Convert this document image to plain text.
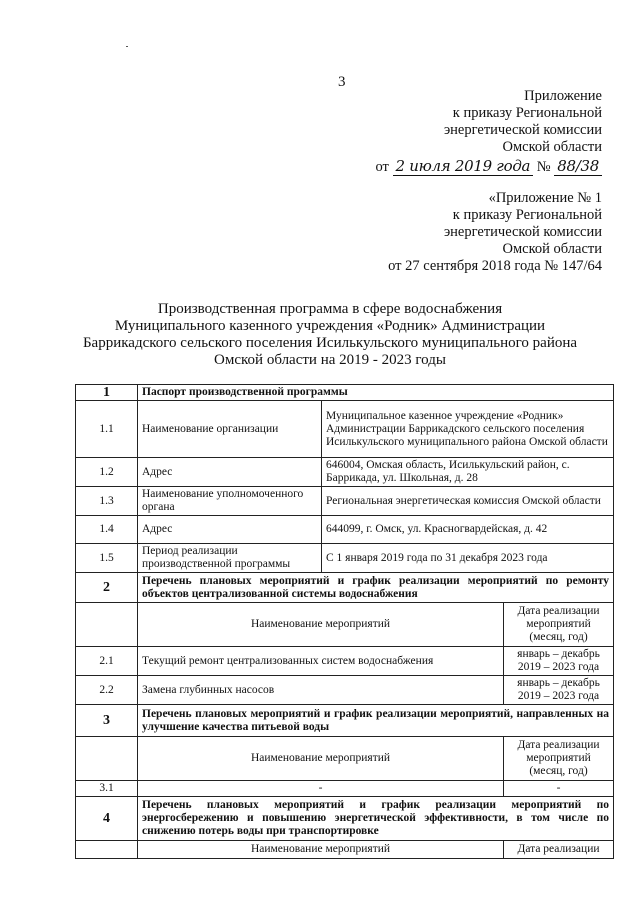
3
Приложение
к приказу Региональной
энергетической комиссии
Омской области
от 2 июля 2019 года № 88/38
«Приложение № 1
к приказу Региональной
энергетической комиссии
Омской области
от 27 сентября 2018 года № 147/64
Производственная программа в сфере водоснабжения
Муниципального казенного учреждения «Родник» Администрации
Баррикадского сельского поселения Исилькульского муниципального района
Омской области на 2019 - 2023 годы
1	Паспорт производственной программы		
1.1	Наименование организации	Муниципальное казенное учреждение «Родник» Администрации Баррикадского сельского поселения Исилькульского муниципального района Омской области	
1.2	Адрес	646004, Омская область, Исилькульский район, с. Баррикада, ул. Школьная, д. 28	
1.3	Наименование уполномоченного органа	Региональная энергетическая комиссия Омской области	
1.4	Адрес	644099, г. Омск, ул. Красногвардейская, д. 42	
1.5	Период реализации производственной программы	С 1 января 2019 года по 31 декабря 2023 года	
2	Перечень плановых мероприятий и график реализации мероприятий по ремонту объектов централизованной системы водоснабжения		
	Наименование мероприятий		Дата реализации мероприятий (месяц, год)
2.1	Текущий ремонт централизованных систем водоснабжения		январь – декабрь 2019 – 2023 года
2.2	Замена глубинных насосов		январь – декабрь 2019 – 2023 года
3	Перечень плановых мероприятий и график реализации мероприятий, направленных на улучшение качества питьевой воды		
	Наименование мероприятий		Дата реализации мероприятий (месяц, год)
3.1	-		-
4	Перечень плановых мероприятий и график реализации мероприятий по энергосбережению и повышению энергетической эффективности, в том числе по снижению потерь воды при транспортировке		
	Наименование мероприятий		Дата реализации
